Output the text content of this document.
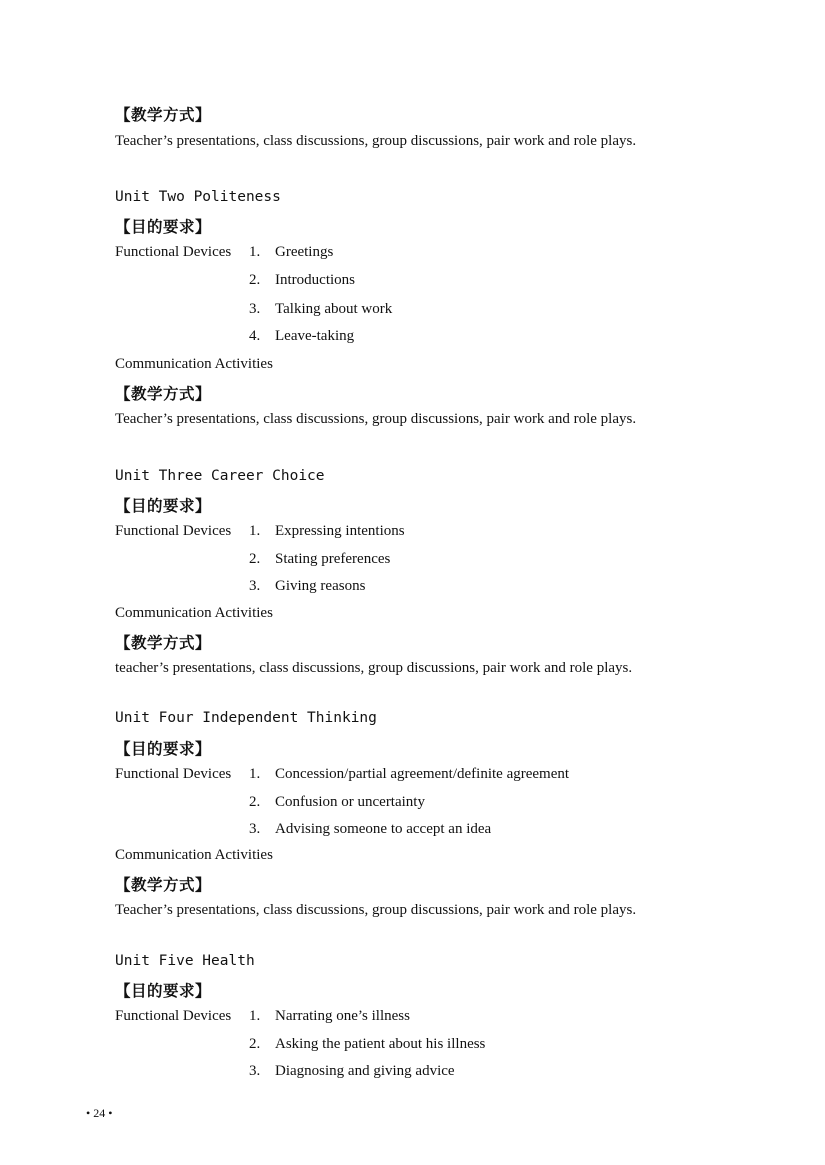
【教学方式】
Teacher’s presentations, class discussions, group discussions, pair work and role plays.
Unit Two Politeness
【目的要求】
Functional Devices 1. Greetings
2. Introductions
3. Talking about work
4. Leave-taking
Communication Activities
【教学方式】
Teacher’s presentations, class discussions, group discussions, pair work and role plays.
Unit Three Career Choice
【目的要求】
Functional Devices 1. Expressing intentions
2. Stating preferences
3. Giving reasons
Communication Activities
【教学方式】
teacher’s presentations, class discussions, group discussions, pair work and role plays.
Unit Four Independent Thinking
【目的要求】
Functional Devices 1. Concession/partial agreement/definite agreement
2. Confusion or uncertainty
3. Advising someone to accept an idea
Communication Activities
【教学方式】
Teacher’s presentations, class discussions, group discussions, pair work and role plays.
Unit Five Health
【目的要求】
Functional Devices 1. Narrating one’s illness
2. Asking the patient about his illness
3. Diagnosing and giving advice
• 24 •
